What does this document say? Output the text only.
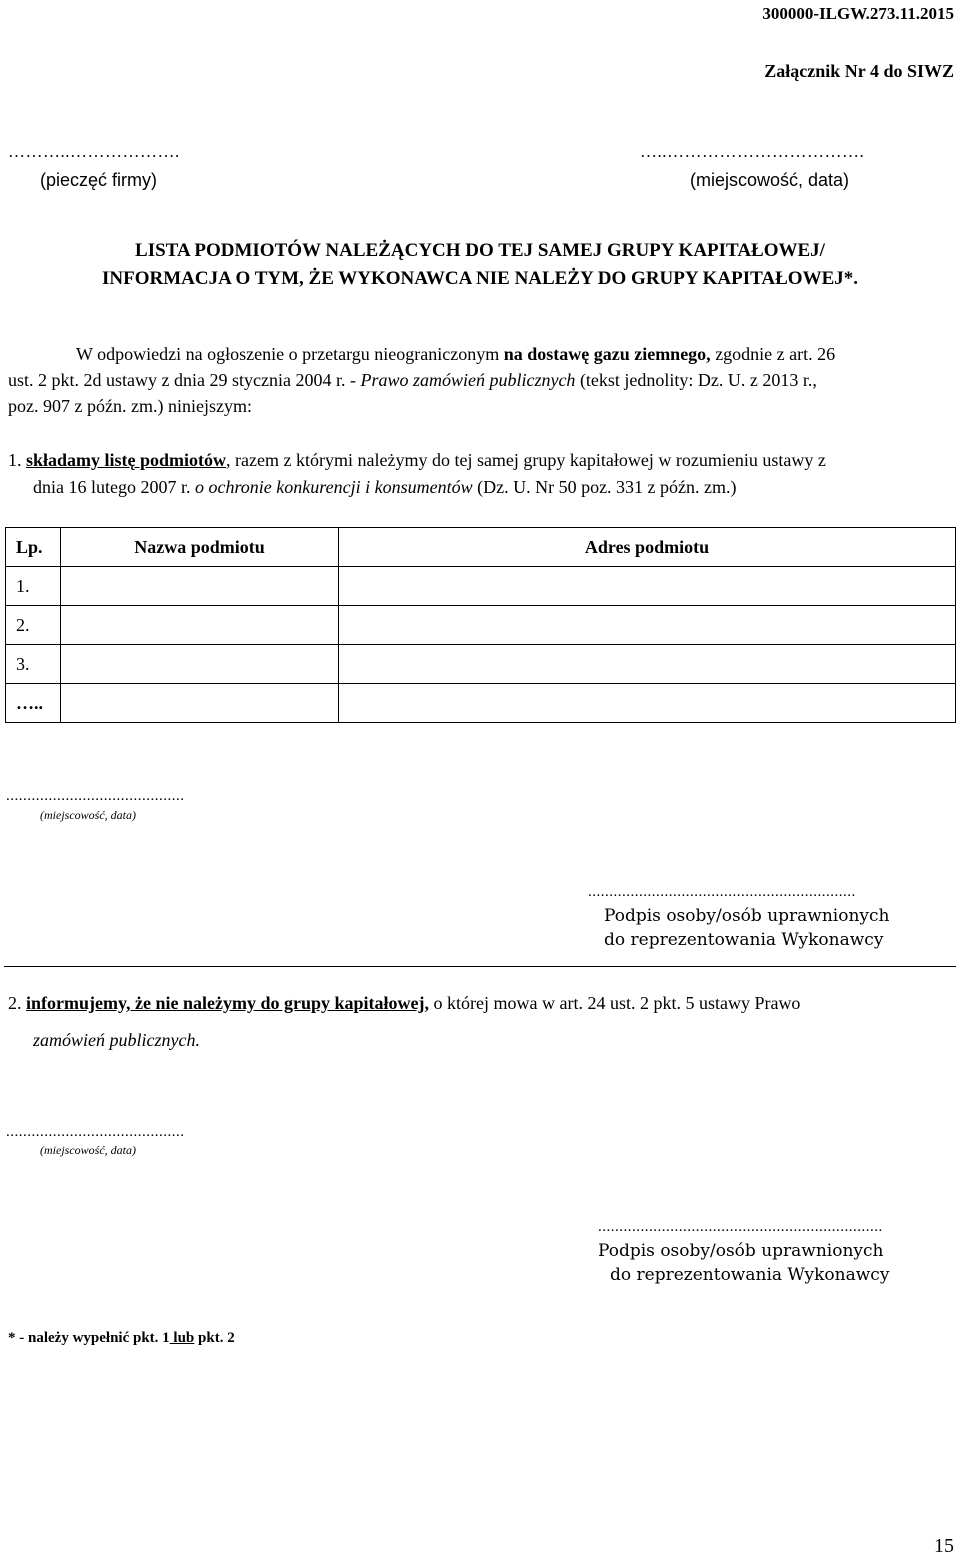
300000-ILGW.273.11.2015
Załącznik Nr 4 do SIWZ
………..……………….
(pieczęć firmy)
…..…………………………….
(miejscowość, data)
LISTA PODMIOTÓW NALEŻĄCYCH DO TEJ SAMEJ GRUPY KAPITAŁOWEJ/
INFORMACJA O TYM, ŻE WYKONAWCA NIE NALEŻY DO GRUPY KAPITAŁOWEJ*.
W odpowiedzi na ogłoszenie o przetargu nieograniczonym na dostawę gazu ziemnego, zgodnie z art. 26
ust. 2 pkt. 2d ustawy z dnia 29 stycznia 2004 r. - Prawo zamówień publicznych (tekst jednolity: Dz. U. z 2013 r.,
poz. 907 z późn. zm.) niniejszym:
1. składamy listę podmiotów, razem z którymi należymy do tej samej grupy kapitałowej w rozumieniu ustawy z
dnia 16 lutego 2007 r. o ochronie konkurencji i konsumentów (Dz. U. Nr 50 poz. 331 z późn. zm.)
Lp.	Nazwa podmiotu	Adres podmiotu
1.		
2.		
3.		
…..		
..........................................
(miejscowość, data)
...............................................................
Podpis osoby/osób uprawnionych
do reprezentowania Wykonawcy
2. informujemy, że nie należymy do grupy kapitałowej, o której mowa w art. 24 ust. 2 pkt. 5 ustawy Prawo
zamówień publicznych.
..........................................
(miejscowość, data)
...................................................................
Podpis osoby/osób uprawnionych
do reprezentowania Wykonawcy
* - należy wypełnić pkt. 1 lub pkt. 2
15
